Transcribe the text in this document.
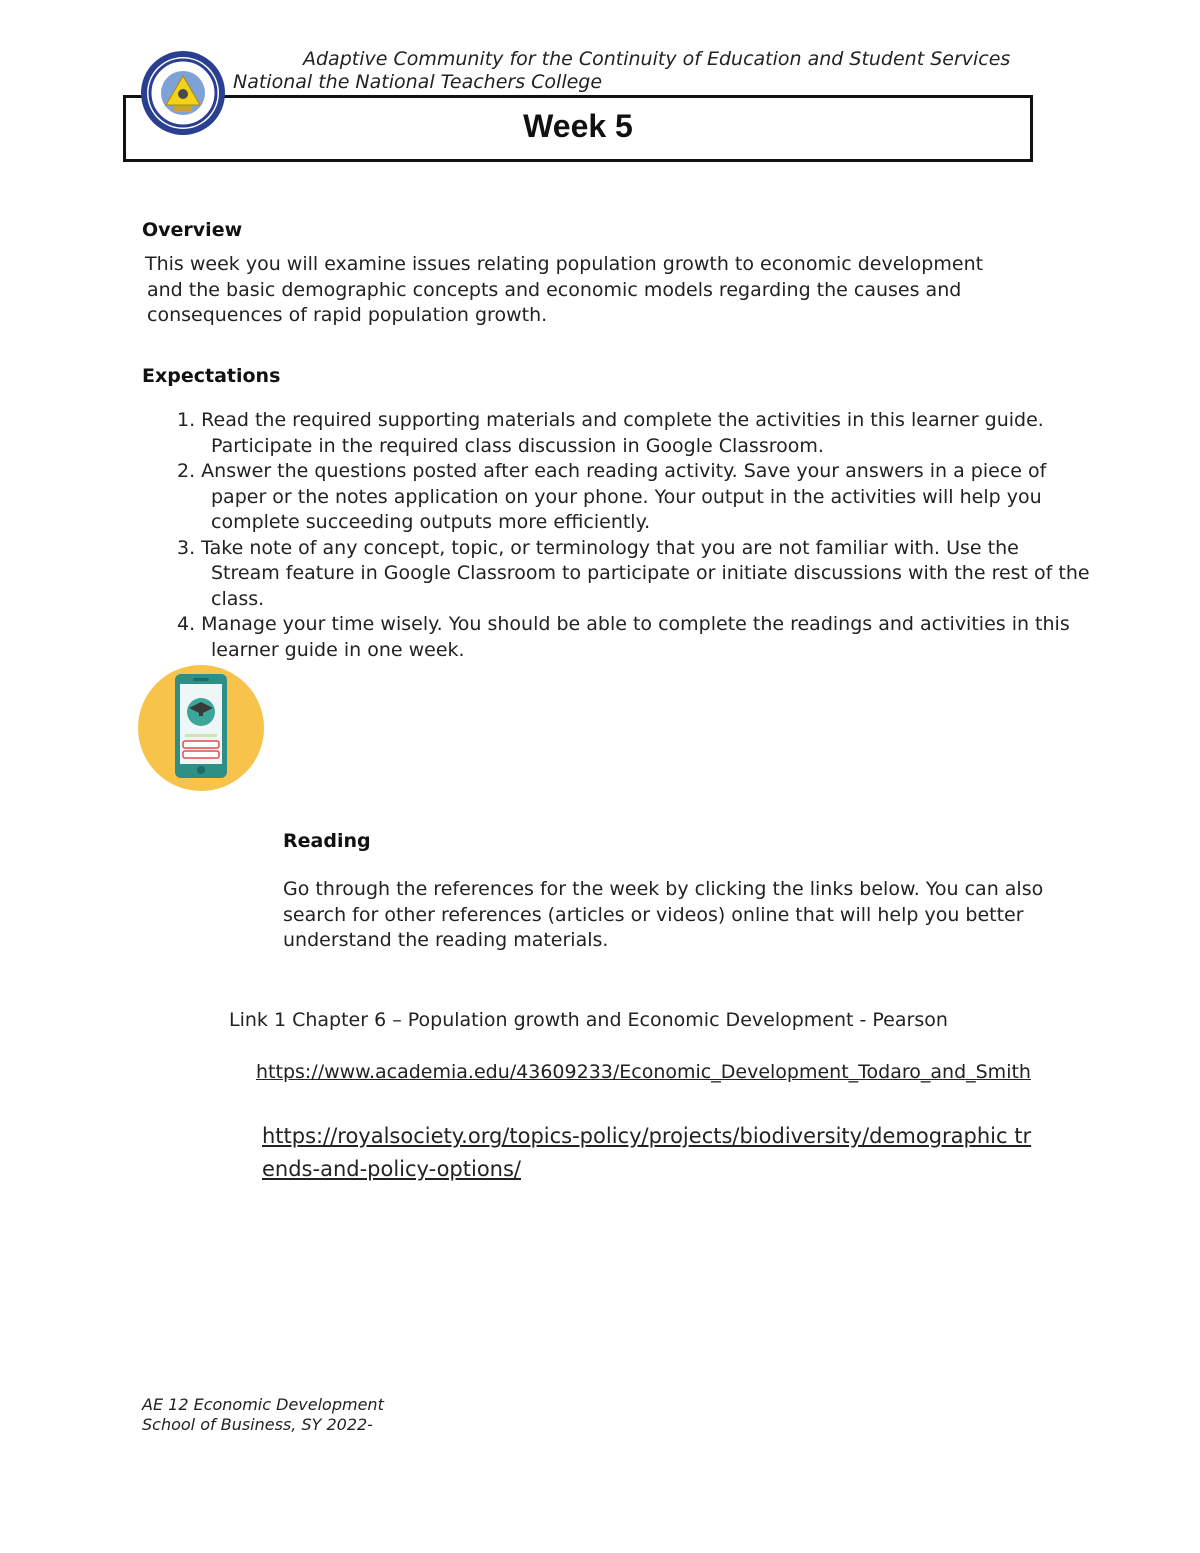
Adaptive Community for the Continuity of Education and Student Services
National the National Teachers College
Week 5
Overview
This week you will examine issues relating population growth to economic development
and the basic demographic concepts and economic models regarding the causes and
consequences of rapid population growth.
Expectations
1. Read the required supporting materials and complete the activities in this learner guide. Participate in the required class discussion in Google Classroom.
2. Answer the questions posted after each reading activity. Save your answers in a piece of paper or the notes application on your phone. Your output in the activities will help you complete succeeding outputs more efficiently.
3. Take note of any concept, topic, or terminology that you are not familiar with. Use the Stream feature in Google Classroom to participate or initiate discussions with the rest of the class.
4. Manage your time wisely. You should be able to complete the readings and activities in this learner guide in one week.
Reading
Go through the references for the week by clicking the links below. You can also
search for other references (articles or videos) online that will help you better
understand the reading materials.
Link 1 Chapter 6 – Population growth and Economic Development - Pearson
https://www.academia.edu/43609233/Economic_Development_Todaro_and_Smith
https://royalsociety.org/topics-policy/projects/biodiversity/demographic trends-and-policy-options/
AE 12 Economic Development
School of Business, SY 2022-
